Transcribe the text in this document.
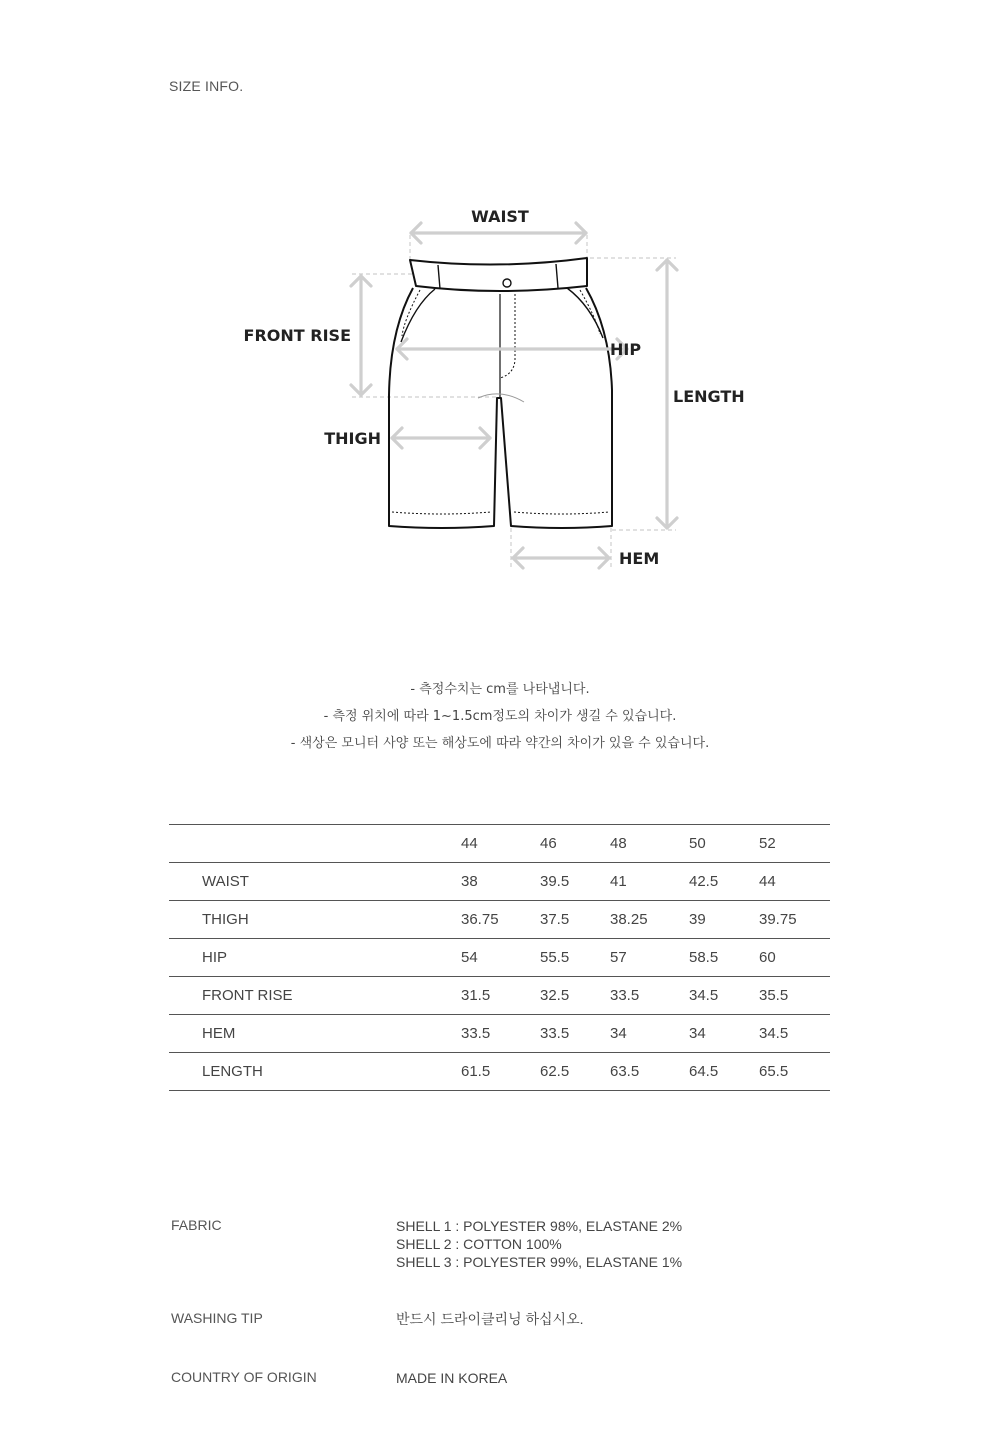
SIZE INFO.
WAIST
FRONT RISE
HIP
LENGTH
THIGH
HEM
- 측정수치는 cm를 나타냅니다.
- 측정 위치에 따라 1~1.5cm정도의 차이가 생길 수 있습니다.
- 색상은 모니터 사양 또는 해상도에 따라 약간의 차이가 있을 수 있습니다.
	44	46	48	50	52
WAIST	38	39.5	41	42.5	44
THIGH	36.75	37.5	38.25	39	39.75
HIP	54	55.5	57	58.5	60
FRONT RISE	31.5	32.5	33.5	34.5	35.5
HEM	33.5	33.5	34	34	34.5
LENGTH	61.5	62.5	63.5	64.5	65.5
FABRIC	SHELL 1 : POLYESTER 98%, ELASTANE 2%
SHELL 2 : COTTON 100%
SHELL 3 : POLYESTER 99%, ELASTANE 1%
WASHING TIP	반드시 드라이클리닝 하십시오.
COUNTRY OF ORIGIN	MADE IN KOREA
